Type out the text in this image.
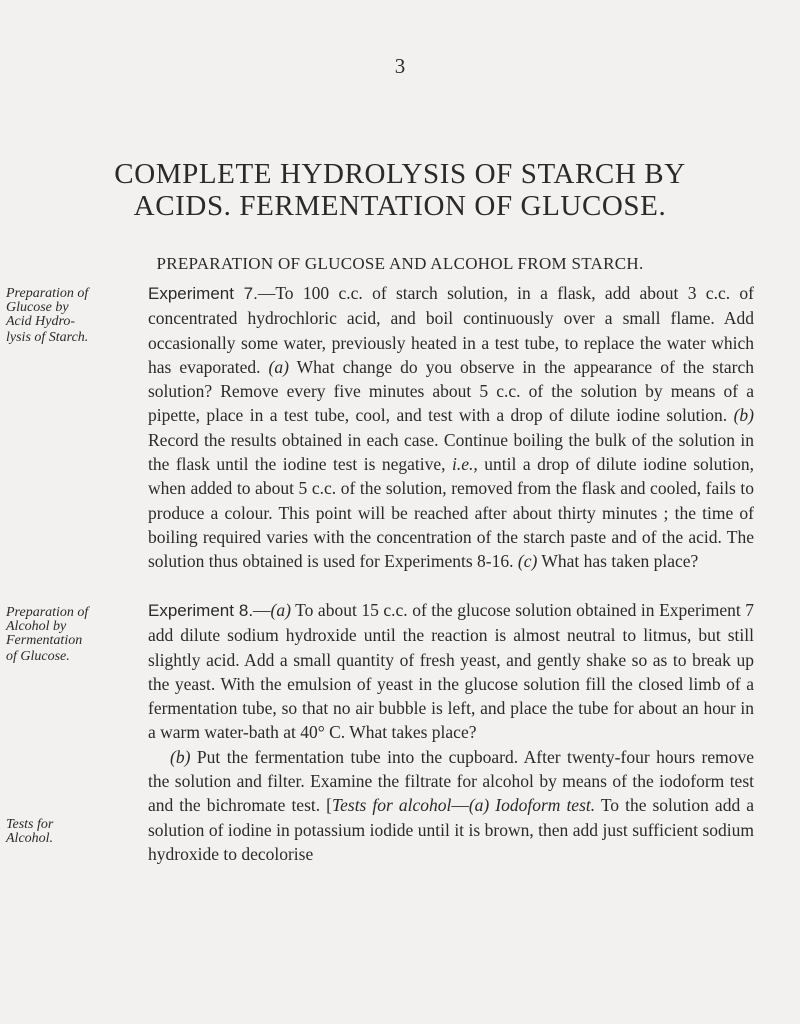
3
COMPLETE HYDROLYSIS OF STARCH BY
ACIDS. FERMENTATION OF GLUCOSE.
PREPARATION OF GLUCOSE AND ALCOHOL FROM STARCH.
Preparation of
Glucose by
Acid Hydro-
lysis of Starch.

Experiment 7.—To 100 c.c. of starch solution, in a flask, add about 3 c.c. of concentrated hydrochloric acid, and boil continuously over a small flame. Add occasionally some water, previously heated in a test tube, to replace the water which has evaporated. (a) What change do you observe in the appearance of the starch solution? Remove every five minutes about 5 c.c. of the solution by means of a pipette, place in a test tube, cool, and test with a drop of dilute iodine solution. (b) Record the results obtained in each case. Continue boiling the bulk of the solution in the flask until the iodine test is negative, i.e., until a drop of dilute iodine solution, when added to about 5 c.c. of the solution, removed from the flask and cooled, fails to produce a colour. This point will be reached after about thirty minutes ; the time of boiling required varies with the concentration of the starch paste and of the acid. The solution thus obtained is used for Experiments 8-16. (c) What has taken place?

Preparation of
Alcohol by
Fermentation
of Glucose.

Experiment 8.—(a) To about 15 c.c. of the glucose solution obtained in Experiment 7 add dilute sodium hydroxide until the reaction is almost neutral to litmus, but still slightly acid. Add a small quantity of fresh yeast, and gently shake so as to break up the yeast. With the emulsion of yeast in the glucose solution fill the closed limb of a fermentation tube, so that no air bubble is left, and place the tube for about an hour in a warm water-bath at 40° C. What takes place?
(b) Put the fermentation tube into the cupboard. After twenty-four hours remove the solution and filter. Examine the filtrate for alcohol by means of the iodoform test and the bichromate test. [Tests for alcohol—(a) Iodoform test. To the solution add a solution of iodine in potassium iodide until it is brown, then add just sufficient sodium hydroxide to decolorise

Tests for
Alcohol.
